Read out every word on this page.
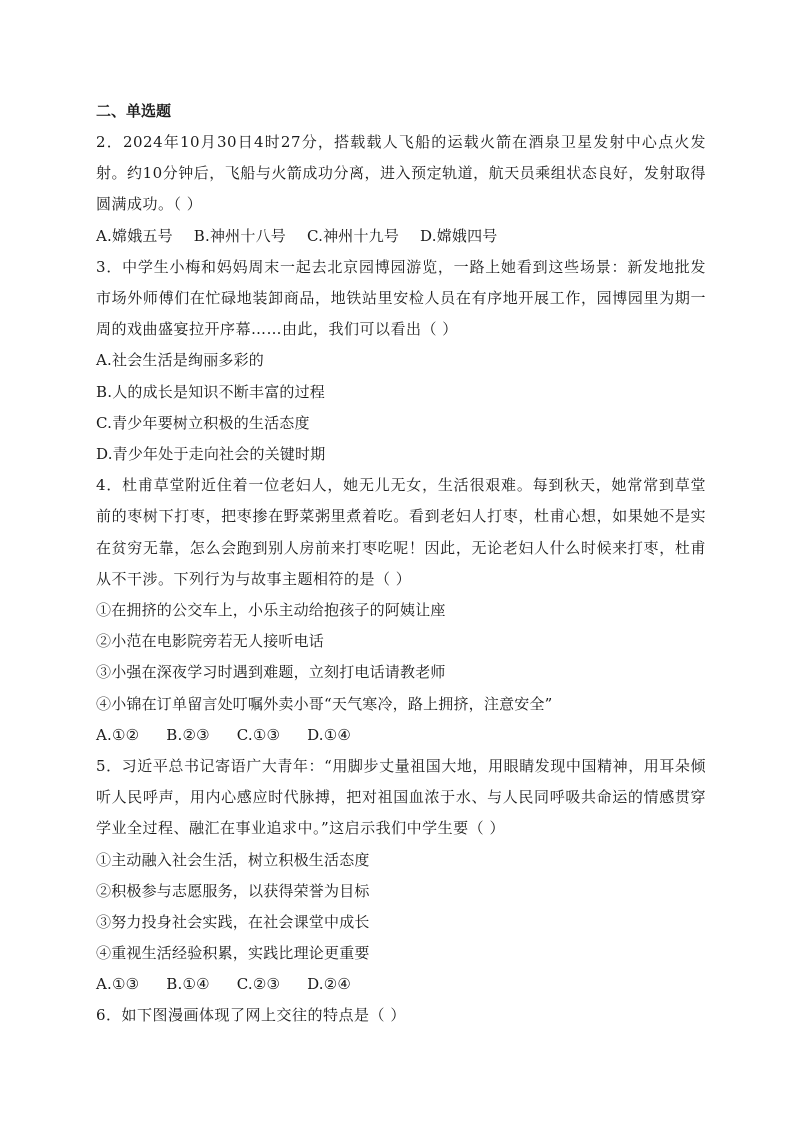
二、单选题

2．2024年10月30日4时27分，搭载载人飞船的运载火箭在酒泉卫星发射中心点火发射。约10分钟后，飞船与火箭成功分离，进入预定轨道，航天员乘组状态良好，发射取得圆满成功。（ ）

A.嫦娥五号 B.神州十八号 C.神州十九号 D.嫦娥四号

3．中学生小梅和妈妈周末一起去北京园博园游览，一路上她看到这些场景：新发地批发市场外师傅们在忙碌地装卸商品，地铁站里安检人员在有序地开展工作，园博园里为期一周的戏曲盛宴拉开序幕……由此，我们可以看出（ ）

A.社会生活是绚丽多彩的
B.人的成长是知识不断丰富的过程
C.青少年要树立积极的生活态度
D.青少年处于走向社会的关键时期

4．杜甫草堂附近住着一位老妇人，她无儿无女，生活很艰难。每到秋天，她常常到草堂前的枣树下打枣，把枣掺在野菜粥里煮着吃。看到老妇人打枣，杜甫心想，如果她不是实在贫穷无靠，怎么会跑到别人房前来打枣吃呢！因此，无论老妇人什么时候来打枣，杜甫从不干涉。下列行为与故事主题相符的是（ ）

①在拥挤的公交车上，小乐主动给抱孩子的阿姨让座
②小范在电影院旁若无人接听电话
③小强在深夜学习时遇到难题，立刻打电话请教老师
④小锦在订单留言处叮嘱外卖小哥“天气寒冷，路上拥挤，注意安全”
A.①② B.②③ C.①③ D.①④

5．习近平总书记寄语广大青年：“用脚步丈量祖国大地，用眼睛发现中国精神，用耳朵倾听人民呼声，用内心感应时代脉搏，把对祖国血浓于水、与人民同呼吸共命运的情感贯穿学业全过程、融汇在事业追求中。”这启示我们中学生要（ ）

①主动融入社会生活，树立积极生活态度
②积极参与志愿服务，以获得荣誉为目标
③努力投身社会实践，在社会课堂中成长
④重视生活经验积累，实践比理论更重要
A.①③ B.①④ C.②③ D.②④

6．如下图漫画体现了网上交往的特点是（ ）
